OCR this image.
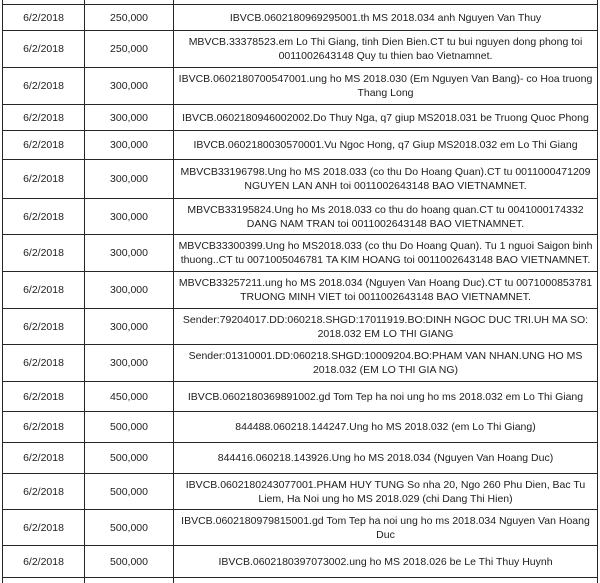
6/2/2018	250,000	IBVCB.0602180969295001.th MS 2018.034 anh Nguyen Van Thuy
6/2/2018	250,000
MBVCB.33378523.em Lo Thi Giang, tinh Dien Bien.CT tu bui nguyen dong phong toi 0011002643148 Quy tu thien bao Vietnamnet.
6/2/2018	300,000
IBVCB.0602180700547001.ung ho MS 2018.030 (Em Nguyen Van Bang)- co Hoa truong Thang Long
6/2/2018	300,000	IBVCB.0602180946002002.Do Thuy Nga, q7 giup MS2018.031 be Truong Quoc Phong
6/2/2018	300,000	IBVCB.0602180030570001.Vu Ngoc Hong, q7 Giup MS2018.032 em Lo Thi Giang
6/2/2018	300,000
MBVCB33196798.Ung ho MS 2018.033 (co thu Do Hoang Quan).CT tu 0011000471209 NGUYEN LAN ANH toi 0011002643148 BAO VIETNAMNET.
6/2/2018	300,000
MBVCB33195824.Ung ho Ms 2018.033 co thu do hoang quan.CT tu 0041000174332 DANG NAM TRAN toi 0011002643148 BAO VIETNAMNET.
6/2/2018	300,000
MBVCB33300399.Ung ho MS2018.033 (co thu Do Hoang Quan). Tu 1 nguoi Saigon binh thuong..CT tu 0071005046781 TA KIM HOANG toi 0011002643148 BAO VIETNAMNET.
6/2/2018	300,000
MBVCB33257211.ung ho MS 2018.034 (Nguyen Van Hoang Duc).CT tu 0071000853781 TRUONG MINH VIET toi 0011002643148 BAO VIETNAMNET.
6/2/2018	300,000
Sender:79204017.DD:060218.SHGD:17011919.BO:DINH NGOC DUC TRI.UH MA SO: 2018.032 EM LO THI GIANG
6/2/2018	300,000
Sender:01310001.DD:060218.SHGD:10009204.BO:PHAM VAN NHAN.UNG HO MS 2018.032 (EM LO THI GIA NG)
6/2/2018	450,000	IBVCB.0602180369891002.gd Tom Tep ha noi ung ho ms 2018.032 em Lo Thi Giang
6/2/2018	500,000	844488.060218.144247.Ung ho MS 2018.032 (em Lo Thi Giang)
6/2/2018	500,000	844416.060218.143926.Ung ho MS 2018.034 (Nguyen Van Hoang Duc)
6/2/2018	500,000
IBVCB.0602180243077001.PHAM HUY TUNG So nha 20, Ngo 260 Phu Dien, Bac Tu Liem, Ha Noi ung ho MS 2018.029 (chi Dang Thi Hien)
6/2/2018	500,000
IBVCB.0602180979815001.gd Tom Tep ha noi ung ho ms 2018.034 Nguyen Van Hoang Duc
6/2/2018	500,000	IBVCB.0602180397073002.ung ho MS 2018.026 be Le Thi Thuy Huynh
